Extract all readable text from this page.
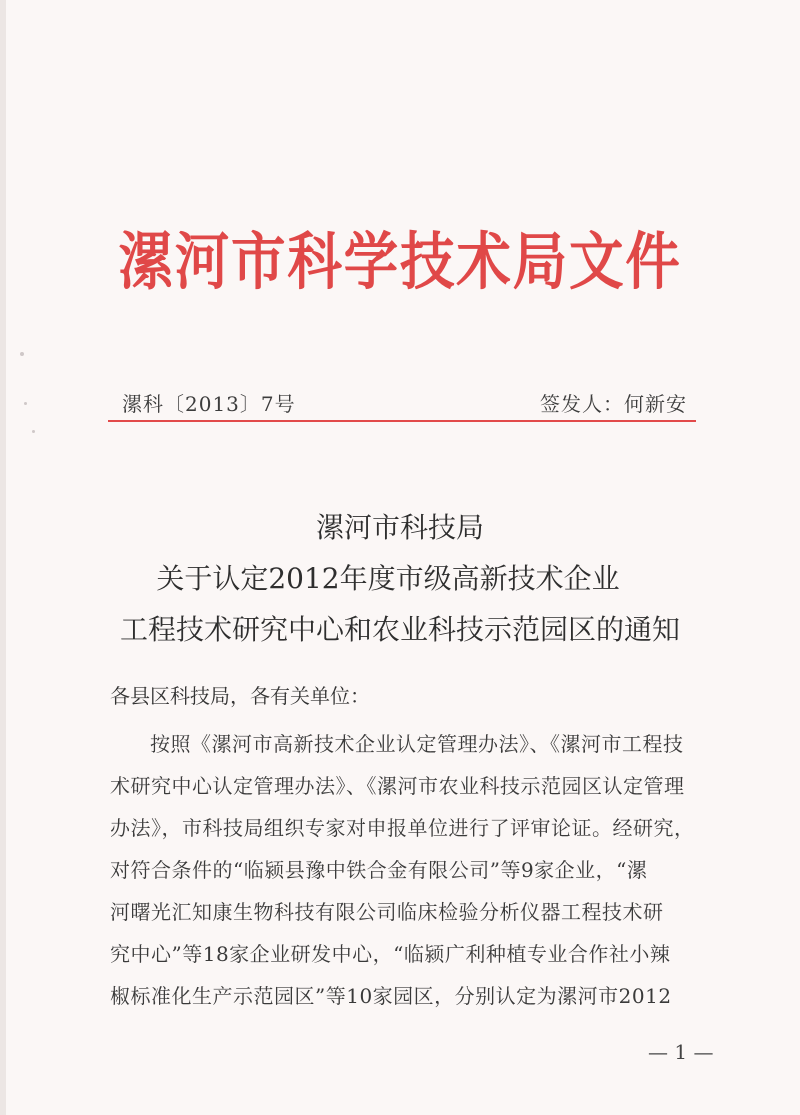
漯河市科学技术局文件
漯科〔2013〕7号	签发人：何新安
漯河市科技局
关于认定2012年度市级高新技术企业
工程技术研究中心和农业科技示范园区的通知
各县区科技局，各有关单位：
按照《漯河市高新技术企业认定管理办法》、《漯河市工程技
术研究中心认定管理办法》、《漯河市农业科技示范园区认定管理
办法》，市科技局组织专家对申报单位进行了评审论证。经研究，
对符合条件的“临颍县豫中铁合金有限公司”等9家企业，“漯
河曙光汇知康生物科技有限公司临床检验分析仪器工程技术研
究中心”等18家企业研发中心，“临颍广利种植专业合作社小辣
椒标准化生产示范园区”等10家园区，分别认定为漯河市2012
— 1 —
